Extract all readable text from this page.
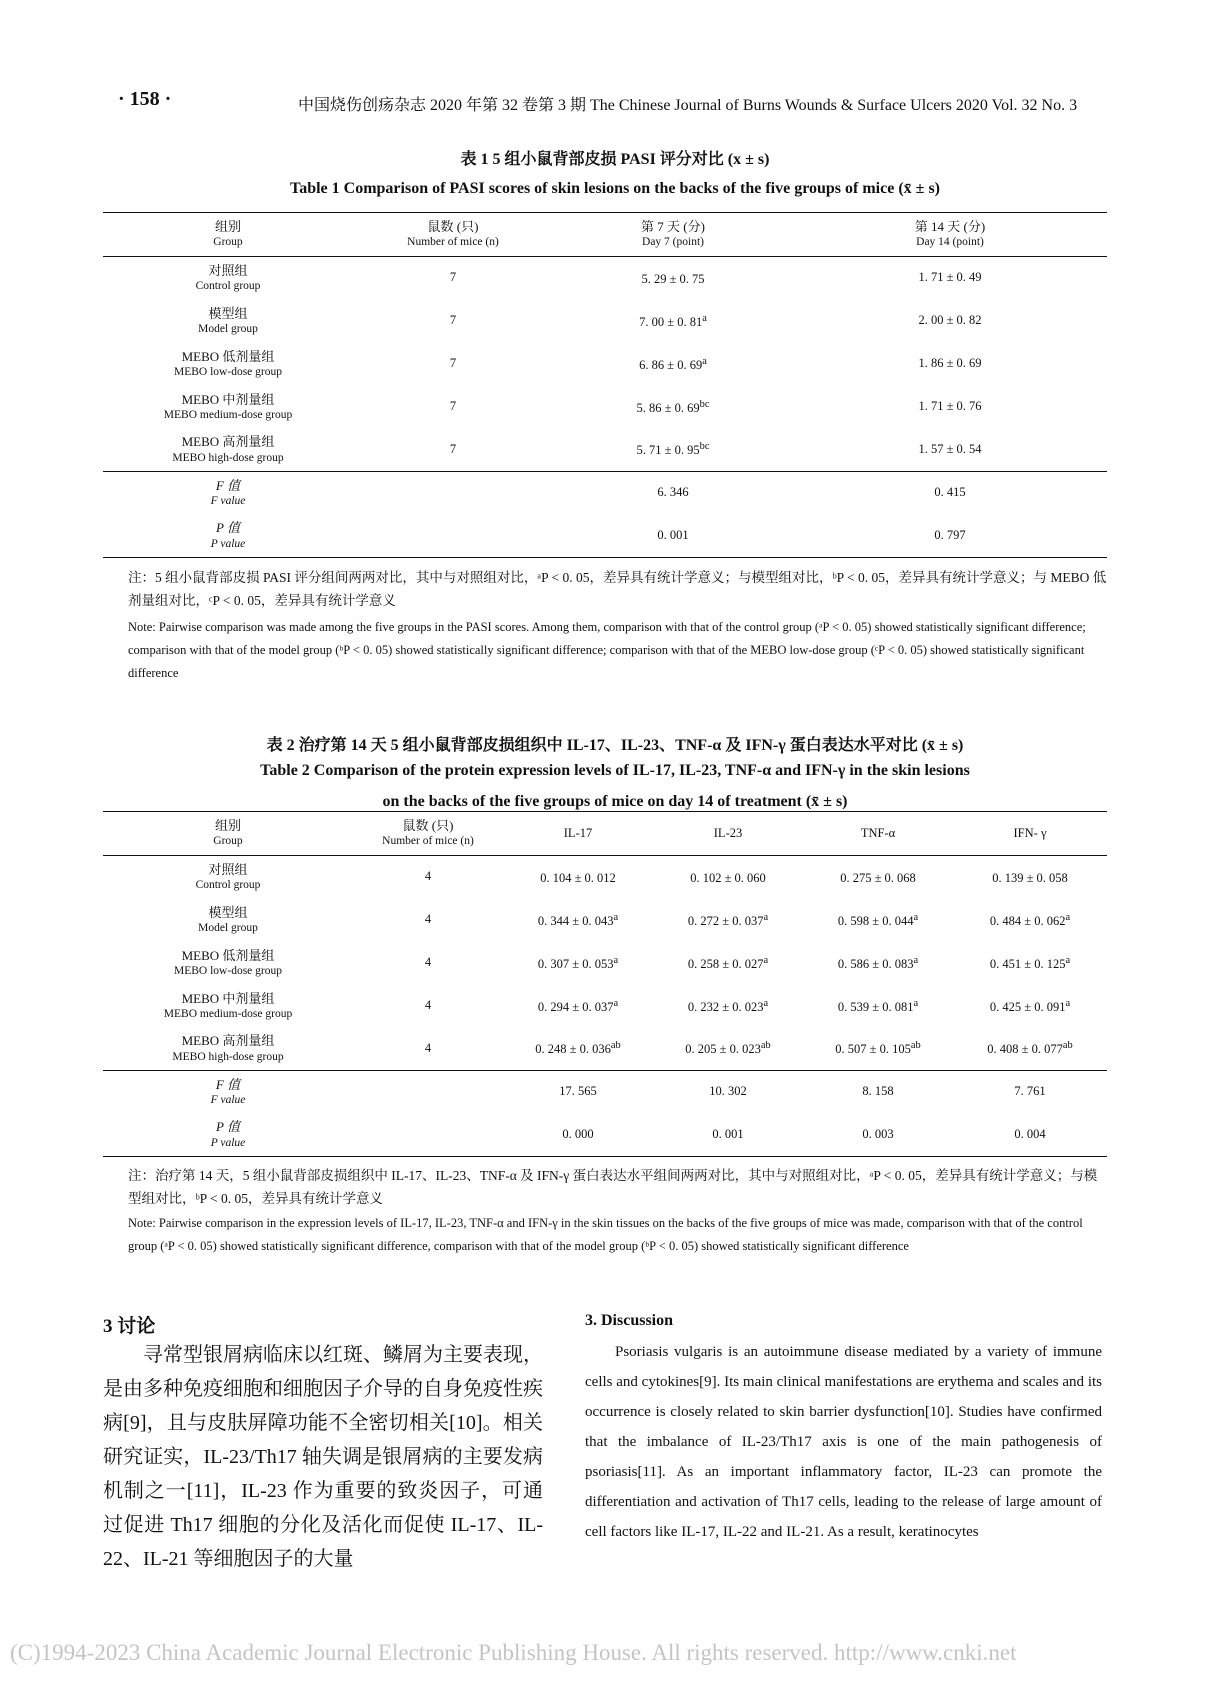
· 158 ·	中国烧伤创疡杂志 2020 年第 32 卷第 3 期 The Chinese Journal of Burns Wounds & Surface Ulcers 2020 Vol. 32 No. 3
表 1 5 组小鼠背部皮损 PASI 评分对比 (x ± s)
Table 1 Comparison of PASI scores of skin lesions on the backs of the five groups of mice (x̄ ± s)
组别
Group	鼠数 (只)
Number of mice (n)	第 7 天 (分)
Day 7 (point)	第 14 天 (分)
Day 14 (point)

对照组
Control group	7	5. 29 ± 0. 75	1. 71 ± 0. 49

模型组
Model group	7	7. 00 ± 0. 81$^a$	2. 00 ± 0. 82

MEBO 低剂量组
MEBO low-dose group	7	6. 86 ± 0. 69$^a$	1. 86 ± 0. 69

MEBO 中剂量组
MEBO medium-dose group	7	5. 86 ± 0. $69^{bc}$	1. 71 ± 0. 76

MEBO 高剂量组
MEBO high-dose group	7	5. 71 ± 0. $95^{bc}$	1. 57 ± 0. 54

F 值
F value		6. 346	0. 415

P 值
P value		0. 001	0. 797
注：5 组小鼠背部皮损 PASI 评分组间两两对比，其中与对照组对比，ᵃP < 0. 05，差异具有统计学意义；与模型组对比，ᵇP < 0. 05，差异具有统计学意义；与 MEBO 低剂量组对比，ᶜP < 0. 05，差异具有统计学意义
Note: Pairwise comparison was made among the five groups in the PASI scores. Among them, comparison with that of the control group (ᵃP < 0. 05) showed statistically significant difference; comparison with that of the model group (ᵇP < 0. 05) showed statistically significant difference; comparison with that of the MEBO low-dose group (ᶜP < 0. 05) showed statistically significant difference
表 2 治疗第 14 天 5 组小鼠背部皮损组织中 IL-17、IL-23、TNF-α 及 IFN-γ 蛋白表达水平对比 (x̄ ± s)
Table 2 Comparison of the protein expression levels of IL-17, IL-23, TNF-α and IFN-γ in the skin lesions
on the backs of the five groups of mice on day 14 of treatment (x̄ ± s)
组别
Group	鼠数 (只)
Number of mice (n)	IL-17	IL-23	TNF-α	IFN- γ

对照组
Control group	4	0. 104 ± 0. 012	0. 102 ± 0. 060	0. 275 ± 0. 068	0. 139 ± 0. 058

模型组
Model group	4	0. 344 ± 0. 043$^a$	0. 272 ± 0. 037$^a$	0. 598 ± 0. 044$^a$	0. 484 ± 0. 062$^a$

MEBO 低剂量组
MEBO low-dose group	4	0. 307 ± 0. 053$^a$	0. 258 ± 0. 027$^a$	0. 586 ± 0. 083$^a$	0. 451 ± 0. 125$^a$

MEBO 中剂量组
MEBO medium-dose group	4	0. 294 ± 0. 037$^a$	0. 232 ± 0. 023$^a$	0. 539 ± 0. 081$^a$	0. 425 ± 0. 091$^a$

MEBO 高剂量组
MEBO high-dose group	4	0. 248 ± 0. $036^{ab}$	0. 205 ± 0. $023^{ab}$	0. 507 ± 0. $105^{ab}$	0. 408 ± 0. $077^{ab}$

F 值
F value		17. 565	10. 302	8. 158	7. 761

P 值
P value		0. 000	0. 001	0. 003	0. 004
注：治疗第 14 天，5 组小鼠背部皮损组织中 IL-17、IL-23、TNF-α 及 IFN-γ 蛋白表达水平组间两两对比，其中与对照组对比，ᵃP < 0. 05，差异具有统计学意义；与模型组对比，ᵇP < 0. 05，差异具有统计学意义
Note: Pairwise comparison in the expression levels of IL-17, IL-23, TNF-α and IFN-γ in the skin tissues on the backs of the five groups of mice was made, comparison with that of the control group (ᵃP < 0. 05) showed statistically significant difference, comparison with that of the model group (ᵇP < 0. 05) showed statistically significant difference
3 讨论	3. Discussion
寻常型银屑病临床以红斑、鳞屑为主要表现，是由多种免疫细胞和细胞因子介导的自身免疫性疾病[9]，且与皮肤屏障功能不全密切相关[10]。相关研究证实，IL-23/Th17 轴失调是银屑病的主要发病机制之一[11]，IL-23 作为重要的致炎因子，可通过促进 Th17 细胞的分化及活化而促使 IL-17、IL-22、IL-21 等细胞因子的大量
Psoriasis vulgaris is an autoimmune disease mediated by a variety of immune cells and cytokines[9]. Its main clinical manifestations are erythema and scales and its occurrence is closely related to skin barrier dysfunction[10]. Studies have confirmed that the imbalance of IL-23/Th17 axis is one of the main pathogenesis of psoriasis[11]. As an important inflammatory factor, IL-23 can promote the differentiation and activation of Th17 cells, leading to the release of large amount of cell factors like IL-17, IL-22 and IL-21. As a result, keratinocytes
(C)1994-2023 China Academic Journal Electronic Publishing House. All rights reserved. http://www.cnki.net
